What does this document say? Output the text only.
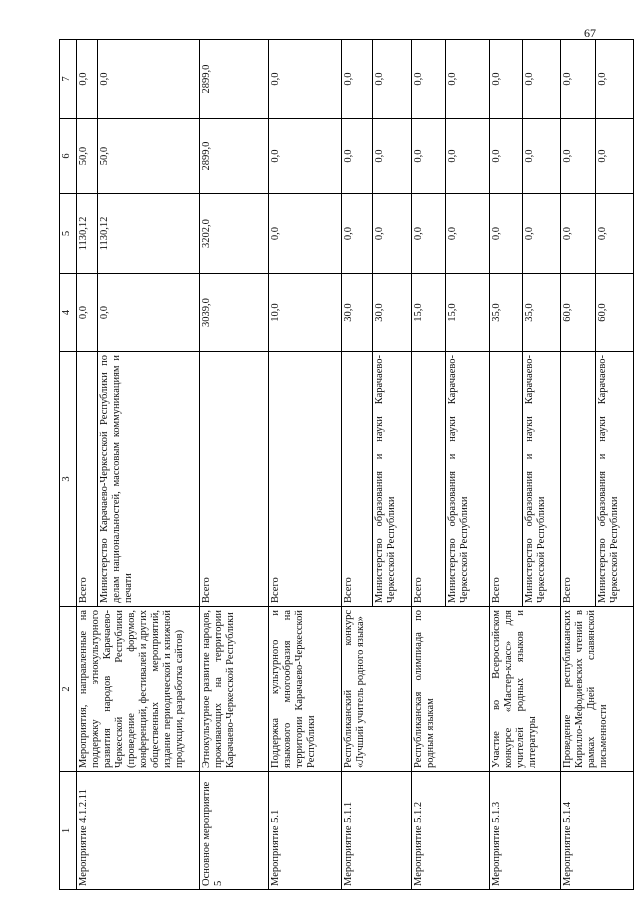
67
1	2	3	4	5	6	7
Мероприятие 4.1.2.11	Мероприятия, направленные на поддержку этнокультурного развития народов Карачаево-Черкесской Республики (проведение форумов, конференций, фестивалей и других общественных мероприятий, издание периодической и книжной продукции, разработка сайтов)	Всего	0,0	1130,12	50,0	0,0
		Министерство Карачаево-Черкесской Республики по делам национальностей, массовым коммуникациям и печати	0,0	1130,12	50,0	0,0
Основное мероприятие 5	Этнокультурное развитие народов, проживающих на территории Карачаево-Черкесской Республики	Всего	3039,0	3202,0	2899,0	2899,0
Мероприятие 5.1	Поддержка культурного и языкового многообразия на территории Карачаево-Черкесской Республики	Всего	10,0	0,0	0,0	0,0
Мероприятие 5.1.1	Республиканский конкурс «Лучший учитель родного языка»	Всего	30,0	0,0	0,0	0,0
		Министерство образования и науки Карачаево-Черкесской Республики	30,0	0,0	0,0	0,0
Мероприятие 5.1.2	Республиканская олимпиада по родным языкам	Всего	15,0	0,0	0,0	0,0
		Министерство образования и науки Карачаево-Черкесской Республики	15,0	0,0	0,0	0,0
Мероприятие 5.1.3	Участие во Всероссийском конкурсе «Мастер-класс» для учителей родных языков и литературы	Всего	35,0	0,0	0,0	0,0
		Министерство образования и науки Карачаево-Черкесской Республики	35,0	0,0	0,0	0,0
Мероприятие 5.1.4	Проведение республиканских Кирилло-Мефодиевских чтений в рамках Дней славянской письменности	Всего	60,0	0,0	0,0	0,0
		Министерство образования и науки Карачаево-Черкесской Республики	60,0	0,0	0,0	0,0
